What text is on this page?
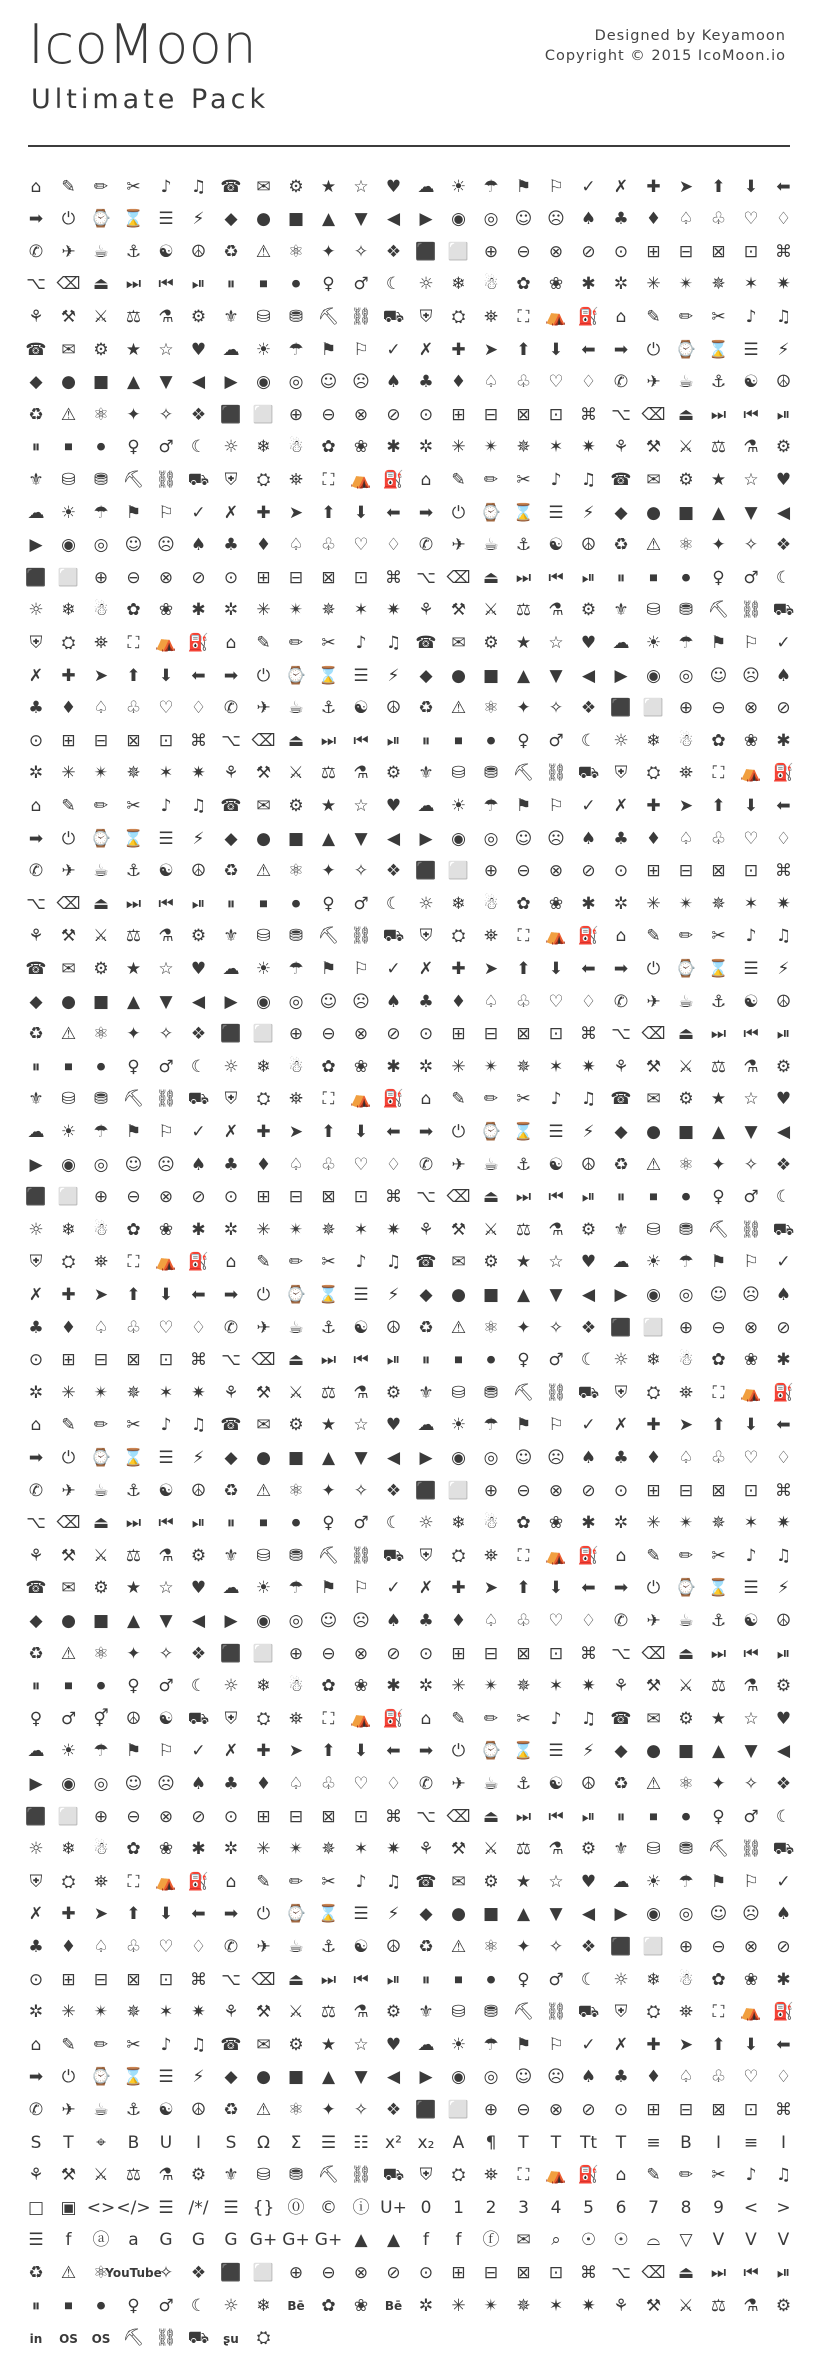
IcoMoon
Ultimate Pack
Designed by Keyamoon
Copyright © 2015 IcoMoon.io
⌂ ✎ ✏ ✂ ♪ ♫ ☎ ✉ ⚙ ★ ☆ ♥ ☁ ☀ ☂ ⚑ ⚐ ✓ ✗ ✚ ➤ ⬆ ⬇ ⬅
➡ ⏻ ⌚ ⌛ ☰ ⚡ ◆ ● ■ ▲ ▼ ◀ ▶ ◉ ◎ ☺ ☹ ♠ ♣ ♦ ♤ ♧ ♡ ♢
✆ ✈ ☕ ⚓ ☯ ☮ ♻ ⚠ ⚛ ✦ ✧ ❖ ⬛ ⬜ ⊕ ⊖ ⊗ ⊘ ⊙ ⊞ ⊟ ⊠ ⊡ ⌘
⌥ ⌫ ⏏ ⏭ ⏮ ⏯ ⏸ ⏹ ⏺ ♀ ♂ ☾ ☼ ❄ ☃ ✿ ❀ ✱ ✲ ✳ ✴ ✵ ✶ ✷
⚘ ⚒ ⚔ ⚖ ⚗ ⚙ ⚜ ⛁ ⛃ ⛏ ⛓ ⛟ ⛨ ⛭ ⛯ ⛶ ⛺ ⛽ ⌂ ✎ ✏ ✂ ♪ ♫
☎ ✉ ⚙ ★ ☆ ♥ ☁ ☀ ☂ ⚑ ⚐ ✓ ✗ ✚ ➤ ⬆ ⬇ ⬅ ➡ ⏻ ⌚ ⌛ ☰ ⚡
◆ ● ■ ▲ ▼ ◀ ▶ ◉ ◎ ☺ ☹ ♠ ♣ ♦ ♤ ♧ ♡ ♢ ✆ ✈ ☕ ⚓ ☯ ☮
♻ ⚠ ⚛ ✦ ✧ ❖ ⬛ ⬜ ⊕ ⊖ ⊗ ⊘ ⊙ ⊞ ⊟ ⊠ ⊡ ⌘ ⌥ ⌫ ⏏ ⏭ ⏮ ⏯
⏸ ⏹ ⏺ ♀ ♂ ☾ ☼ ❄ ☃ ✿ ❀ ✱ ✲ ✳ ✴ ✵ ✶ ✷ ⚘ ⚒ ⚔ ⚖ ⚗ ⚙
⚜ ⛁ ⛃ ⛏ ⛓ ⛟ ⛨ ⛭ ⛯ ⛶ ⛺ ⛽ ⌂ ✎ ✏ ✂ ♪ ♫ ☎ ✉ ⚙ ★ ☆ ♥
☁ ☀ ☂ ⚑ ⚐ ✓ ✗ ✚ ➤ ⬆ ⬇ ⬅ ➡ ⏻ ⌚ ⌛ ☰ ⚡ ◆ ● ■ ▲ ▼ ◀
▶ ◉ ◎ ☺ ☹ ♠ ♣ ♦ ♤ ♧ ♡ ♢ ✆ ✈ ☕ ⚓ ☯ ☮ ♻ ⚠ ⚛ ✦ ✧ ❖
⬛ ⬜ ⊕ ⊖ ⊗ ⊘ ⊙ ⊞ ⊟ ⊠ ⊡ ⌘ ⌥ ⌫ ⏏ ⏭ ⏮ ⏯ ⏸ ⏹ ⏺ ♀ ♂ ☾
☼ ❄ ☃ ✿ ❀ ✱ ✲ ✳ ✴ ✵ ✶ ✷ ⚘ ⚒ ⚔ ⚖ ⚗ ⚙ ⚜ ⛁ ⛃ ⛏ ⛓ ⛟
⛨ ⛭ ⛯ ⛶ ⛺ ⛽ ⌂ ✎ ✏ ✂ ♪ ♫ ☎ ✉ ⚙ ★ ☆ ♥ ☁ ☀ ☂ ⚑ ⚐ ✓
✗ ✚ ➤ ⬆ ⬇ ⬅ ➡ ⏻ ⌚ ⌛ ☰ ⚡ ◆ ● ■ ▲ ▼ ◀ ▶ ◉ ◎ ☺ ☹ ♠
♣ ♦ ♤ ♧ ♡ ♢ ✆ ✈ ☕ ⚓ ☯ ☮ ♻ ⚠ ⚛ ✦ ✧ ❖ ⬛ ⬜ ⊕ ⊖ ⊗ ⊘
⊙ ⊞ ⊟ ⊠ ⊡ ⌘ ⌥ ⌫ ⏏ ⏭ ⏮ ⏯ ⏸ ⏹ ⏺ ♀ ♂ ☾ ☼ ❄ ☃ ✿ ❀ ✱
✲ ✳ ✴ ✵ ✶ ✷ ⚘ ⚒ ⚔ ⚖ ⚗ ⚙ ⚜ ⛁ ⛃ ⛏ ⛓ ⛟ ⛨ ⛭ ⛯ ⛶ ⛺ ⛽
⌂ ✎ ✏ ✂ ♪ ♫ ☎ ✉ ⚙ ★ ☆ ♥ ☁ ☀ ☂ ⚑ ⚐ ✓ ✗ ✚ ➤ ⬆ ⬇ ⬅
➡ ⏻ ⌚ ⌛ ☰ ⚡ ◆ ● ■ ▲ ▼ ◀ ▶ ◉ ◎ ☺ ☹ ♠ ♣ ♦ ♤ ♧ ♡ ♢
✆ ✈ ☕ ⚓ ☯ ☮ ♻ ⚠ ⚛ ✦ ✧ ❖ ⬛ ⬜ ⊕ ⊖ ⊗ ⊘ ⊙ ⊞ ⊟ ⊠ ⊡ ⌘
⌥ ⌫ ⏏ ⏭ ⏮ ⏯ ⏸ ⏹ ⏺ ♀ ♂ ☾ ☼ ❄ ☃ ✿ ❀ ✱ ✲ ✳ ✴ ✵ ✶ ✷
⚘ ⚒ ⚔ ⚖ ⚗ ⚙ ⚜ ⛁ ⛃ ⛏ ⛓ ⛟ ⛨ ⛭ ⛯ ⛶ ⛺ ⛽ ⌂ ✎ ✏ ✂ ♪ ♫
☎ ✉ ⚙ ★ ☆ ♥ ☁ ☀ ☂ ⚑ ⚐ ✓ ✗ ✚ ➤ ⬆ ⬇ ⬅ ➡ ⏻ ⌚ ⌛ ☰ ⚡
◆ ● ■ ▲ ▼ ◀ ▶ ◉ ◎ ☺ ☹ ♠ ♣ ♦ ♤ ♧ ♡ ♢ ✆ ✈ ☕ ⚓ ☯ ☮
♻ ⚠ ⚛ ✦ ✧ ❖ ⬛ ⬜ ⊕ ⊖ ⊗ ⊘ ⊙ ⊞ ⊟ ⊠ ⊡ ⌘ ⌥ ⌫ ⏏ ⏭ ⏮ ⏯
⏸ ⏹ ⏺ ♀ ♂ ☾ ☼ ❄ ☃ ✿ ❀ ✱ ✲ ✳ ✴ ✵ ✶ ✷ ⚘ ⚒ ⚔ ⚖ ⚗ ⚙
⚜ ⛁ ⛃ ⛏ ⛓ ⛟ ⛨ ⛭ ⛯ ⛶ ⛺ ⛽ ⌂ ✎ ✏ ✂ ♪ ♫ ☎ ✉ ⚙ ★ ☆ ♥
☁ ☀ ☂ ⚑ ⚐ ✓ ✗ ✚ ➤ ⬆ ⬇ ⬅ ➡ ⏻ ⌚ ⌛ ☰ ⚡ ◆ ● ■ ▲ ▼ ◀
▶ ◉ ◎ ☺ ☹ ♠ ♣ ♦ ♤ ♧ ♡ ♢ ✆ ✈ ☕ ⚓ ☯ ☮ ♻ ⚠ ⚛ ✦ ✧ ❖
⬛ ⬜ ⊕ ⊖ ⊗ ⊘ ⊙ ⊞ ⊟ ⊠ ⊡ ⌘ ⌥ ⌫ ⏏ ⏭ ⏮ ⏯ ⏸ ⏹ ⏺ ♀ ♂ ☾
☼ ❄ ☃ ✿ ❀ ✱ ✲ ✳ ✴ ✵ ✶ ✷ ⚘ ⚒ ⚔ ⚖ ⚗ ⚙ ⚜ ⛁ ⛃ ⛏ ⛓ ⛟
⛨ ⛭ ⛯ ⛶ ⛺ ⛽ ⌂ ✎ ✏ ✂ ♪ ♫ ☎ ✉ ⚙ ★ ☆ ♥ ☁ ☀ ☂ ⚑ ⚐ ✓
✗ ✚ ➤ ⬆ ⬇ ⬅ ➡ ⏻ ⌚ ⌛ ☰ ⚡ ◆ ● ■ ▲ ▼ ◀ ▶ ◉ ◎ ☺ ☹ ♠
♣ ♦ ♤ ♧ ♡ ♢ ✆ ✈ ☕ ⚓ ☯ ☮ ♻ ⚠ ⚛ ✦ ✧ ❖ ⬛ ⬜ ⊕ ⊖ ⊗ ⊘
⊙ ⊞ ⊟ ⊠ ⊡ ⌘ ⌥ ⌫ ⏏ ⏭ ⏮ ⏯ ⏸ ⏹ ⏺ ♀ ♂ ☾ ☼ ❄ ☃ ✿ ❀ ✱
✲ ✳ ✴ ✵ ✶ ✷ ⚘ ⚒ ⚔ ⚖ ⚗ ⚙ ⚜ ⛁ ⛃ ⛏ ⛓ ⛟ ⛨ ⛭ ⛯ ⛶ ⛺ ⛽
⌂ ✎ ✏ ✂ ♪ ♫ ☎ ✉ ⚙ ★ ☆ ♥ ☁ ☀ ☂ ⚑ ⚐ ✓ ✗ ✚ ➤ ⬆ ⬇ ⬅
➡ ⏻ ⌚ ⌛ ☰ ⚡ ◆ ● ■ ▲ ▼ ◀ ▶ ◉ ◎ ☺ ☹ ♠ ♣ ♦ ♤ ♧ ♡ ♢
✆ ✈ ☕ ⚓ ☯ ☮ ♻ ⚠ ⚛ ✦ ✧ ❖ ⬛ ⬜ ⊕ ⊖ ⊗ ⊘ ⊙ ⊞ ⊟ ⊠ ⊡ ⌘
⌥ ⌫ ⏏ ⏭ ⏮ ⏯ ⏸ ⏹ ⏺ ♀ ♂ ☾ ☼ ❄ ☃ ✿ ❀ ✱ ✲ ✳ ✴ ✵ ✶ ✷
⚘ ⚒ ⚔ ⚖ ⚗ ⚙ ⚜ ⛁ ⛃ ⛏ ⛓ ⛟ ⛨ ⛭ ⛯ ⛶ ⛺ ⛽ ⌂ ✎ ✏ ✂ ♪ ♫
☎ ✉ ⚙ ★ ☆ ♥ ☁ ☀ ☂ ⚑ ⚐ ✓ ✗ ✚ ➤ ⬆ ⬇ ⬅ ➡ ⏻ ⌚ ⌛ ☰ ⚡
◆ ● ■ ▲ ▼ ◀ ▶ ◉ ◎ ☺ ☹ ♠ ♣ ♦ ♤ ♧ ♡ ♢ ✆ ✈ ☕ ⚓ ☯ ☮
♻ ⚠ ⚛ ✦ ✧ ❖ ⬛ ⬜ ⊕ ⊖ ⊗ ⊘ ⊙ ⊞ ⊟ ⊠ ⊡ ⌘ ⌥ ⌫ ⏏ ⏭ ⏮ ⏯
⏸ ⏹ ⏺ ♀ ♂ ☾ ☼ ❄ ☃ ✿ ❀ ✱ ✲ ✳ ✴ ✵ ✶ ✷ ⚘ ⚒ ⚔ ⚖ ⚗ ⚙
♀ ♂ ⚥ ☮ ☯ ⛟ ⛨ ⛭ ⛯ ⛶ ⛺ ⛽ ⌂ ✎ ✏ ✂ ♪ ♫ ☎ ✉ ⚙ ★ ☆ ♥
☁ ☀ ☂ ⚑ ⚐ ✓ ✗ ✚ ➤ ⬆ ⬇ ⬅ ➡ ⏻ ⌚ ⌛ ☰ ⚡ ◆ ● ■ ▲ ▼ ◀
▶ ◉ ◎ ☺ ☹ ♠ ♣ ♦ ♤ ♧ ♡ ♢ ✆ ✈ ☕ ⚓ ☯ ☮ ♻ ⚠ ⚛ ✦ ✧ ❖
⬛ ⬜ ⊕ ⊖ ⊗ ⊘ ⊙ ⊞ ⊟ ⊠ ⊡ ⌘ ⌥ ⌫ ⏏ ⏭ ⏮ ⏯ ⏸ ⏹ ⏺ ♀ ♂ ☾
☼ ❄ ☃ ✿ ❀ ✱ ✲ ✳ ✴ ✵ ✶ ✷ ⚘ ⚒ ⚔ ⚖ ⚗ ⚙ ⚜ ⛁ ⛃ ⛏ ⛓ ⛟
⛨ ⛭ ⛯ ⛶ ⛺ ⛽ ⌂ ✎ ✏ ✂ ♪ ♫ ☎ ✉ ⚙ ★ ☆ ♥ ☁ ☀ ☂ ⚑ ⚐ ✓
✗ ✚ ➤ ⬆ ⬇ ⬅ ➡ ⏻ ⌚ ⌛ ☰ ⚡ ◆ ● ■ ▲ ▼ ◀ ▶ ◉ ◎ ☺ ☹ ♠
♣ ♦ ♤ ♧ ♡ ♢ ✆ ✈ ☕ ⚓ ☯ ☮ ♻ ⚠ ⚛ ✦ ✧ ❖ ⬛ ⬜ ⊕ ⊖ ⊗ ⊘
⊙ ⊞ ⊟ ⊠ ⊡ ⌘ ⌥ ⌫ ⏏ ⏭ ⏮ ⏯ ⏸ ⏹ ⏺ ♀ ♂ ☾ ☼ ❄ ☃ ✿ ❀ ✱
✲ ✳ ✴ ✵ ✶ ✷ ⚘ ⚒ ⚔ ⚖ ⚗ ⚙ ⚜ ⛁ ⛃ ⛏ ⛓ ⛟ ⛨ ⛭ ⛯ ⛶ ⛺ ⛽
⌂ ✎ ✏ ✂ ♪ ♫ ☎ ✉ ⚙ ★ ☆ ♥ ☁ ☀ ☂ ⚑ ⚐ ✓ ✗ ✚ ➤ ⬆ ⬇ ⬅
➡ ⏻ ⌚ ⌛ ☰ ⚡ ◆ ● ■ ▲ ▼ ◀ ▶ ◉ ◎ ☺ ☹ ♠ ♣ ♦ ♤ ♧ ♡ ♢
✆ ✈ ☕ ⚓ ☯ ☮ ♻ ⚠ ⚛ ✦ ✧ ❖ ⬛ ⬜ ⊕ ⊖ ⊗ ⊘ ⊙ ⊞ ⊟ ⊠ ⊡ ⌘
S T ⌖ B U I S Ω Σ ☰ ☷ x² x₂ A ¶ T T Tt T ≡ B I ≡ I
⚘ ⚒ ⚔ ⚖ ⚗ ⚙ ⚜ ⛁ ⛃ ⛏ ⛓ ⛟ ⛨ ⛭ ⛯ ⛶ ⛺ ⛽ ⌂ ✎ ✏ ✂ ♪ ♫
□ ▣ <> </> ☰ /*/ ☰ {} ⓪ © ⓘ U+ 0 1 2 3 4 5 6 7 8 9 < >
☰ f ⓐ a G G G G+ G+ G+ ▲ ▲ f f ⓕ ✉ ⌕ ☉ ☉ ⌓ ▽ V V V
♻ ⚠ ⚛
YouTube
✧ ❖ ⬛ ⬜ ⊕ ⊖ ⊗ ⊘ ⊙ ⊞ ⊟ ⊠ ⊡ ⌘ ⌥ ⌫ ⏏ ⏭ ⏮ ⏯
⏸ ⏹ ⏺ ♀ ♂ ☾ ☼ ❄ Bē ✿ ❀ Bē ✲ ✳ ✴ ✵ ✶ ✷ ⚘ ⚒ ⚔ ⚖ ⚗ ⚙
in OS OS ⛏ ⛓ ⛟ ʂu ⛭
